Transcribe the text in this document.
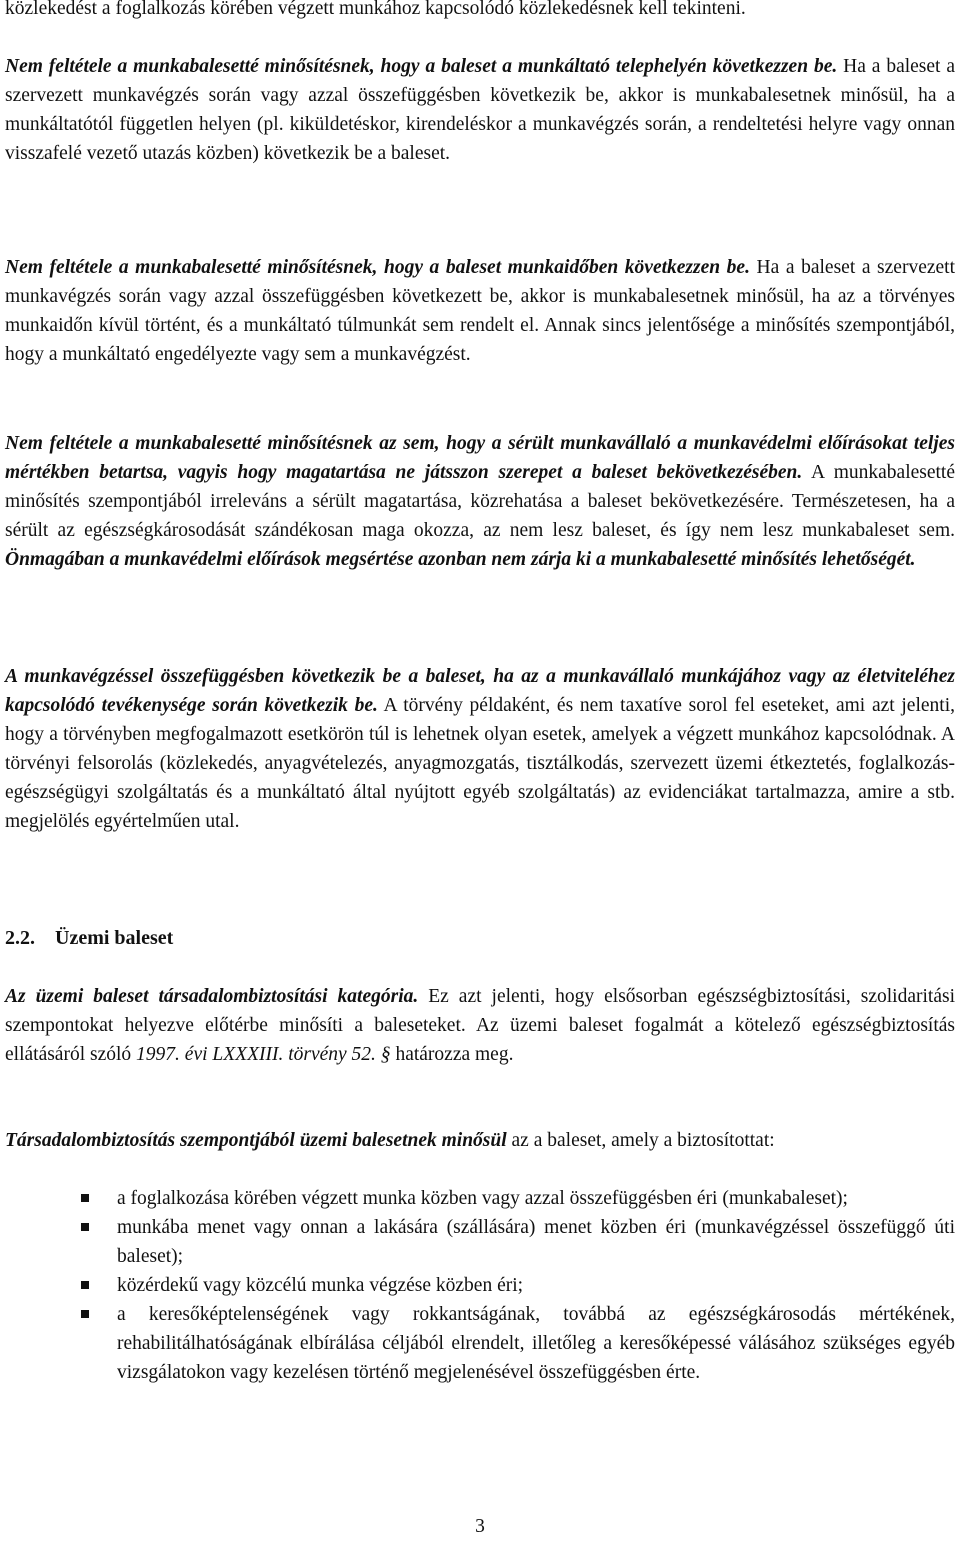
közlekedést a foglalkozás körében végzett munkához kapcsolódó közlekedésnek kell tekinteni.

Nem feltétele a munkabalesetté minősítésnek, hogy a baleset a munkáltató telephelyén következzen be. Ha a baleset a szervezett munkavégzés során vagy azzal összefüggésben következik be, akkor is munkabalesetnek minősül, ha a munkáltatótól független helyen (pl. kiküldetéskor, kirendeléskor a munkavégzés során, a rendeltetési helyre vagy onnan visszafelé vezető utazás közben) következik be a baleset.

Nem feltétele a munkabalesetté minősítésnek, hogy a baleset munkaidőben következzen be. Ha a baleset a szervezett munkavégzés során vagy azzal összefüggésben következett be, akkor is munkabalesetnek minősül, ha az a törvényes munkaidőn kívül történt, és a munkáltató túlmunkát sem rendelt el. Annak sincs jelentősége a minősítés szempontjából, hogy a munkáltató engedélyezte vagy sem a munkavégzést.

Nem feltétele a munkabalesetté minősítésnek az sem, hogy a sérült munkavállaló a munkavédelmi előírásokat teljes mértékben betartsa, vagyis hogy magatartása ne játsszon szerepet a baleset bekövetkezésében. A munkabalesetté minősítés szempontjából irreleváns a sérült magatartása, közrehatása a baleset bekövetkezésére. Természetesen, ha a sérült az egészségkárosodását szándékosan maga okozza, az nem lesz baleset, és így nem lesz munkabaleset sem. Önmagában a munkavédelmi előírások megsértése azonban nem zárja ki a munkabalesetté minősítés lehetőségét.

A munkavégzéssel összefüggésben következik be a baleset, ha az a munkavállaló munkájához vagy az életviteléhez kapcsolódó tevékenysége során következik be. A törvény példaként, és nem taxatíve sorol fel eseteket, ami azt jelenti, hogy a törvényben megfogalmazott esetkörön túl is lehetnek olyan esetek, amelyek a végzett munkához kapcsolódnak. A törvényi felsorolás (közlekedés, anyagvételezés, anyagmozgatás, tisztálkodás, szervezett üzemi étkeztetés, foglalkozás-egészségügyi szolgáltatás és a munkáltató által nyújtott egyéb szolgáltatás) az evidenciákat tartalmazza, amire a stb. megjelölés egyértelműen utal.

2.2. Üzemi baleset

Az üzemi baleset társadalombiztosítási kategória. Ez azt jelenti, hogy elsősorban egészségbiztosítási, szolidaritási szempontokat helyezve előtérbe minősíti a baleseteket. Az üzemi baleset fogalmát a kötelező egészségbiztosítás ellátásáról szóló 1997. évi LXXXIII. törvény 52. § határozza meg.

Társadalombiztosítás szempontjából üzemi balesetnek minősül az a baleset, amely a biztosítottat:

a foglalkozása körében végzett munka közben vagy azzal összefüggésben éri (munkabaleset);
munkába menet vagy onnan a lakására (szállására) menet közben éri (munkavégzéssel összefüggő úti baleset);
közérdekű vagy közcélú munka végzése közben éri;
a keresőképtelenségének vagy rokkantságának, továbbá az egészségkárosodás mértékének, rehabilitálhatóságának elbírálása céljából elrendelt, illetőleg a keresőképessé válásához szükséges egyéb vizsgálatokon vagy kezelésen történő megjelenésével összefüggésben érte.
3
